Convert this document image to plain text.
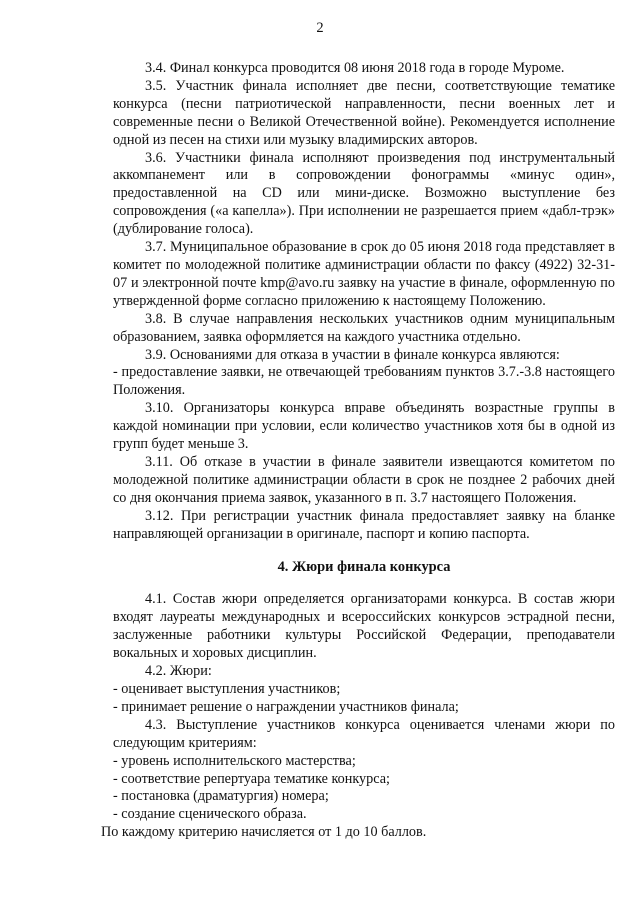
2

3.4. Финал конкурса проводится 08 июня 2018 года в городе Муроме.

3.5. Участник финала исполняет две песни, соответствующие тематике конкурса (песни патриотической направленности, песни военных лет и современные песни о Великой Отечественной войне). Рекомендуется исполнение одной из песен на стихи или музыку владимирских авторов.

3.6. Участники финала исполняют произведения под инструментальный аккомпанемент или в сопровождении фонограммы «минус один», предоставленной на CD или мини-диске. Возможно выступление без сопровождения («а капелла»). При исполнении не разрешается прием «дабл-трэк» (дублирование голоса).

3.7. Муниципальное образование в срок до 05 июня 2018 года представляет в комитет по молодежной политике администрации области по факсу (4922) 32-31-07 и электронной почте kmp@avo.ru заявку на участие в финале, оформленную по утвержденной форме согласно приложению к настоящему Положению.

3.8. В случае направления нескольких участников одним муниципальным образованием, заявка оформляется на каждого участника отдельно.

3.9. Основаниями для отказа в участии в финале конкурса являются:

- предоставление заявки, не отвечающей требованиям пунктов 3.7.-3.8 настоящего Положения.

3.10. Организаторы конкурса вправе объединять возрастные группы в каждой номинации при условии, если количество участников хотя бы в одной из групп будет меньше 3.

3.11. Об отказе в участии в финале заявители извещаются комитетом по молодежной политике администрации области в срок не позднее 2 рабочих дней со дня окончания приема заявок, указанного в п. 3.7 настоящего Положения.

3.12. При регистрации участник финала предоставляет заявку на бланке направляющей организации в оригинале, паспорт и копию паспорта.

4. Жюри финала конкурса

4.1. Состав жюри определяется организаторами конкурса. В состав жюри входят лауреаты международных и всероссийских конкурсов эстрадной песни, заслуженные работники культуры Российской Федерации, преподаватели вокальных и хоровых дисциплин.

4.2. Жюри:

- оценивает выступления участников;

- принимает решение о награждении участников финала;

4.3. Выступление участников конкурса оценивается членами жюри по следующим критериям:

- уровень исполнительского мастерства;

- соответствие репертуара тематике конкурса;

- постановка (драматургия) номера;

- создание сценического образа.

По каждому критерию начисляется от 1 до 10 баллов.
